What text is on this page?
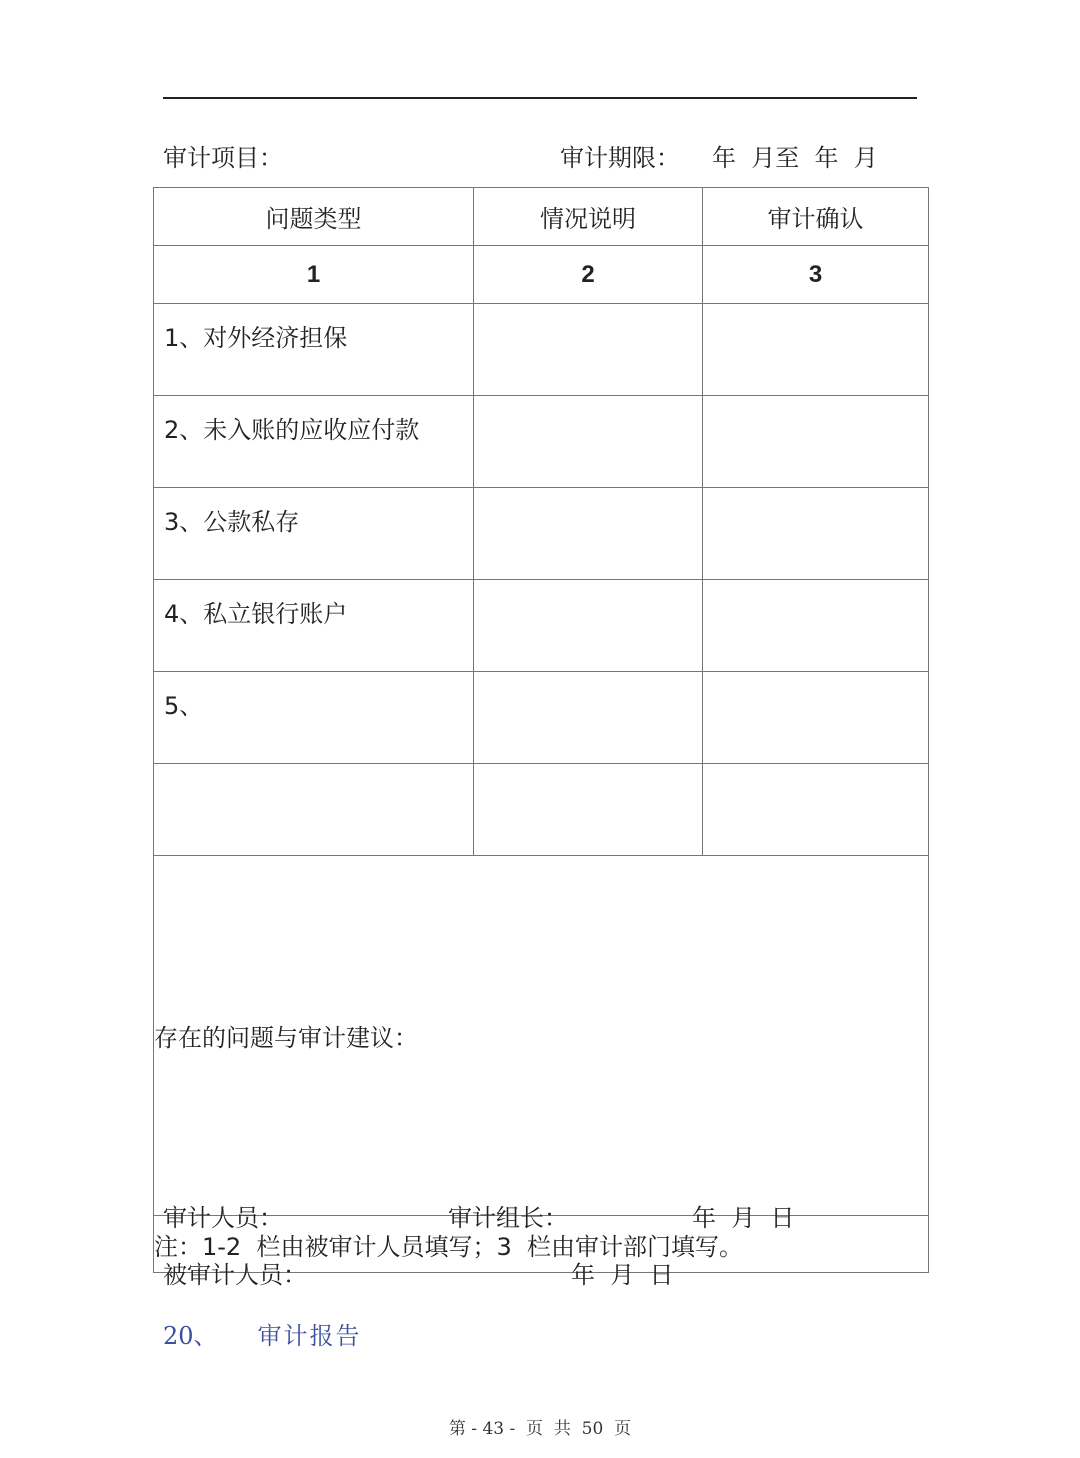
审计项目：	审计期限： 年  月至  年  月
问题类型	情况说明	审计确认
1	2	3
1、对外经济担保		
2、未入账的应收应付款		
3、公款私存		
4、私立银行账户		
5、		

存在的问题与审计建议：		
注：1-2  栏由被审计人员填写；3  栏由审计部门填写。		
审计人员：	审计组长：	年  月  日
被审计人员：	年  月  日
20、 审计报告
第 - 43 -  页  共  50  页
